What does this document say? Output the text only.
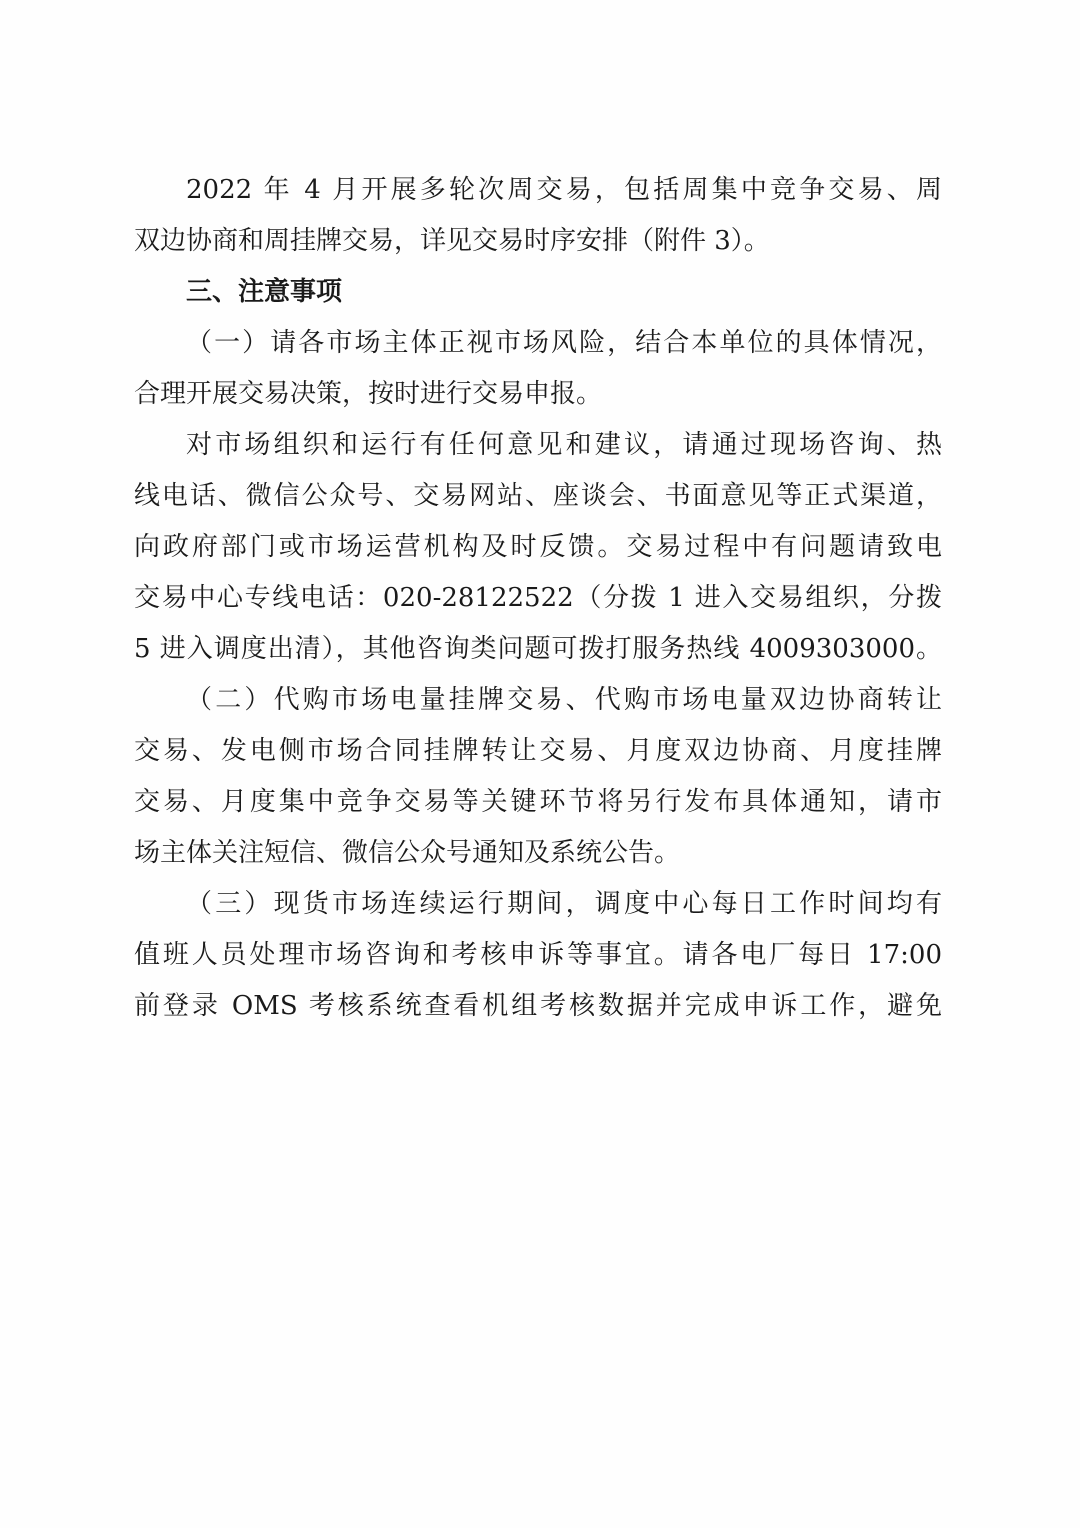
2022 年 4 月开展多轮次周交易，包括周集中竞争交易、周
双边协商和周挂牌交易，详见交易时序安排（附件 3）。
三、注意事项
（一）请各市场主体正视市场风险，结合本单位的具体情况，
合理开展交易决策，按时进行交易申报。
对市场组织和运行有任何意见和建议，请通过现场咨询、热
线电话、微信公众号、交易网站、座谈会、书面意见等正式渠道，
向政府部门或市场运营机构及时反馈。交易过程中有问题请致电
交易中心专线电话：020-28122522（分拨 1 进入交易组织，分拨
5 进入调度出清），其他咨询类问题可拨打服务热线 4009303000。
（二）代购市场电量挂牌交易、代购市场电量双边协商转让
交易、发电侧市场合同挂牌转让交易、月度双边协商、月度挂牌
交易、月度集中竞争交易等关键环节将另行发布具体通知，请市
场主体关注短信、微信公众号通知及系统公告。
（三）现货市场连续运行期间，调度中心每日工作时间均有
值班人员处理市场咨询和考核申诉等事宜。请各电厂每日 17:00
前登录 OMS 考核系统查看机组考核数据并完成申诉工作，避免
